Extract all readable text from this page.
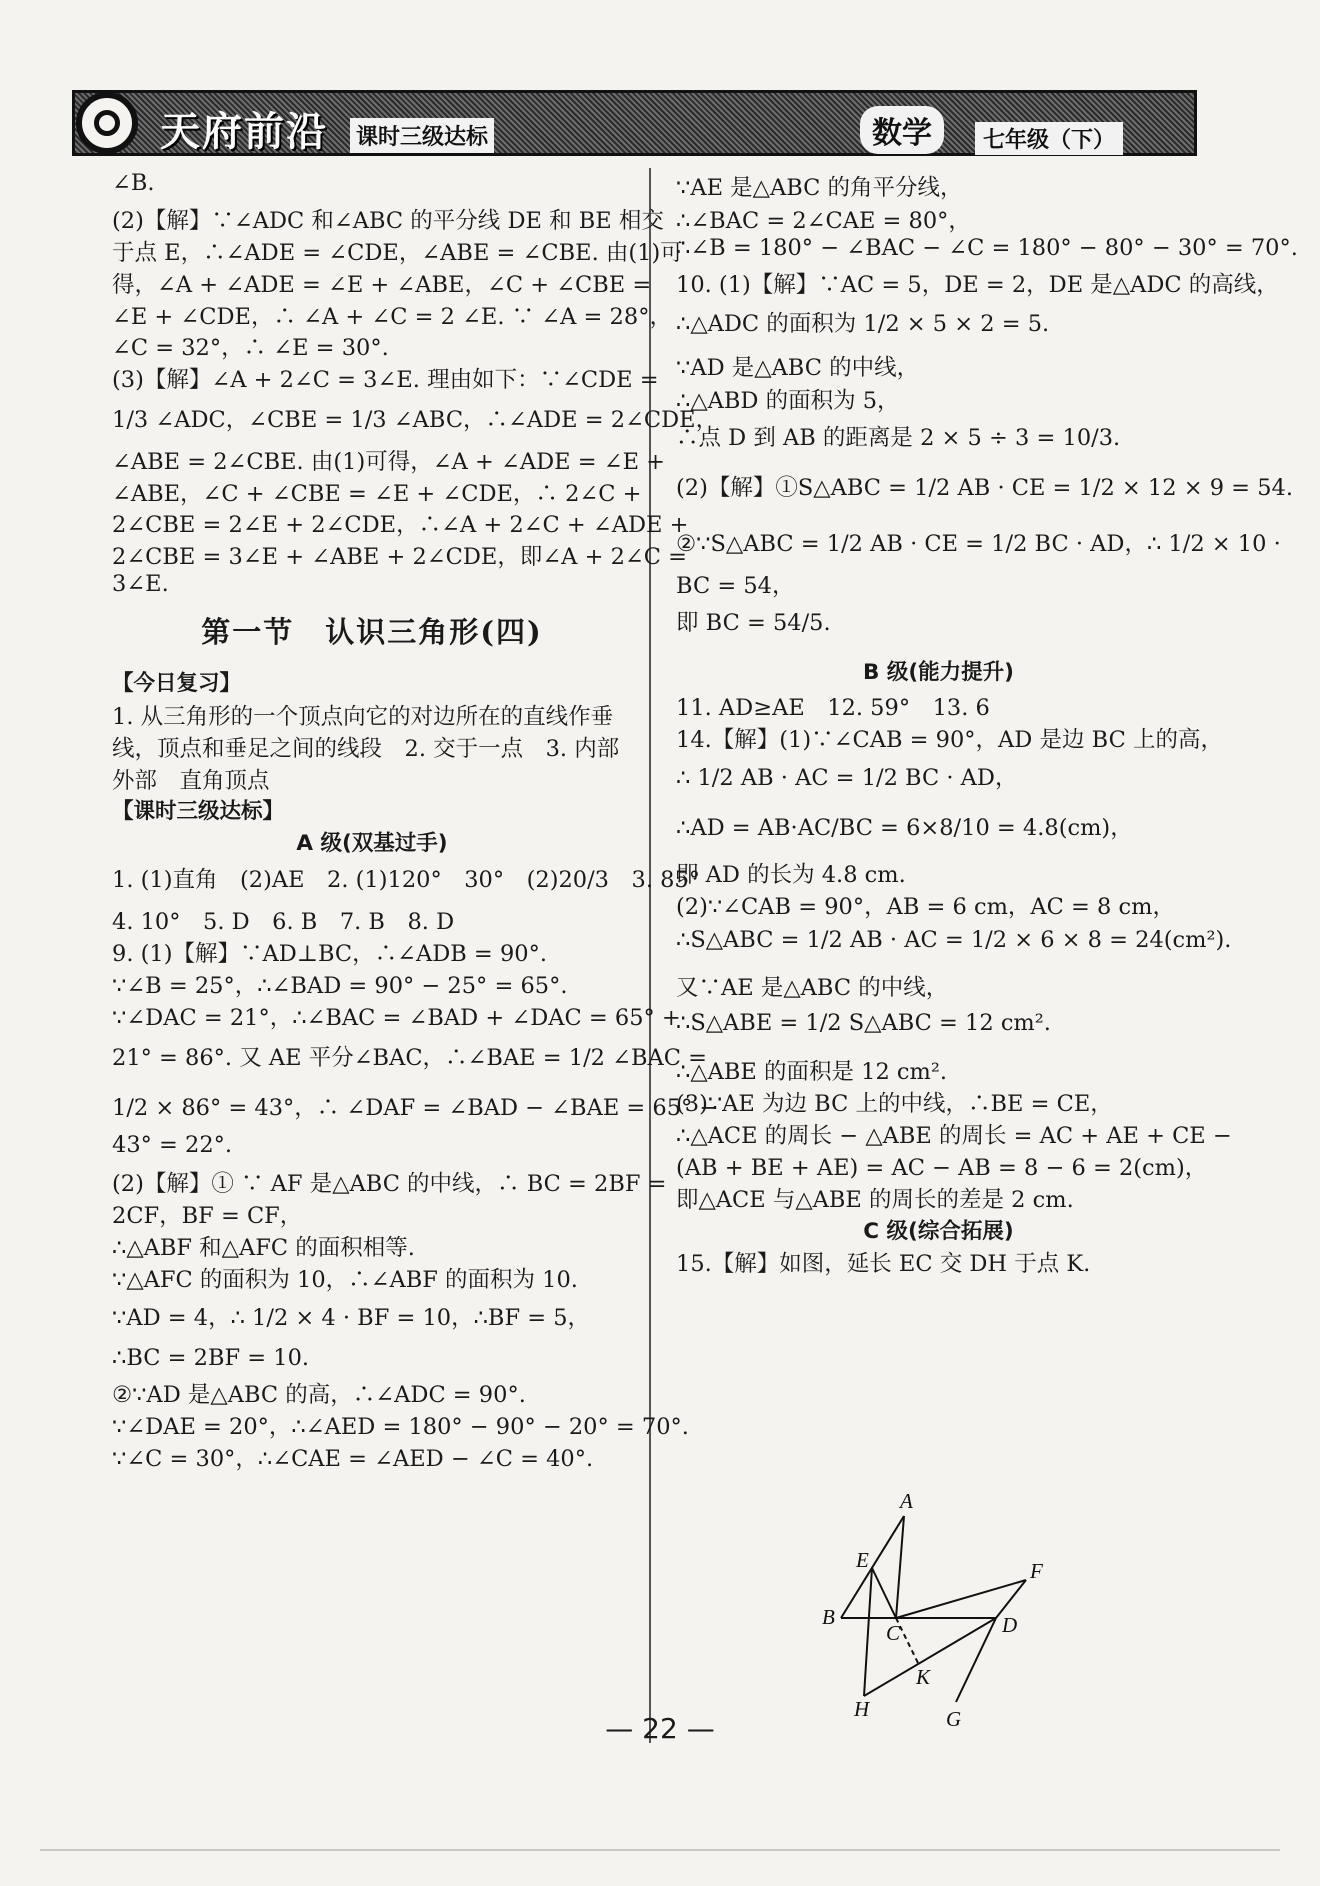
天府前沿 课时三级达标	数学	七年级（下）
∠B.
(2)【解】∵∠ADC 和∠ABC 的平分线 DE 和 BE 相交
于点 E，∴∠ADE = ∠CDE，∠ABE = ∠CBE. 由(1)可
得，∠A + ∠ADE = ∠E + ∠ABE，∠C + ∠CBE =
∠E + ∠CDE，∴ ∠A + ∠C = 2 ∠E. ∵ ∠A = 28°，
∠C = 32°，∴ ∠E = 30°.
(3)【解】∠A + 2∠C = 3∠E. 理由如下：∵∠CDE =
1/3 ∠ADC，∠CBE = 1/3 ∠ABC，∴∠ADE = 2∠CDE，
∠ABE = 2∠CBE. 由(1)可得，∠A + ∠ADE = ∠E +
∠ABE，∠C + ∠CBE = ∠E + ∠CDE，∴ 2∠C +
2∠CBE = 2∠E + 2∠CDE，∴∠A + 2∠C + ∠ADE +
2∠CBE = 3∠E + ∠ABE + 2∠CDE，即∠A + 2∠C =
3∠E.
第一节　认识三角形(四)
【今日复习】
1. 从三角形的一个顶点向它的对边所在的直线作垂
线，顶点和垂足之间的线段　2. 交于一点　3. 内部
外部　直角顶点
【课时三级达标】
A 级(双基过手)
1. (1)直角　(2)AE　2. (1)120°　30°　(2)20/3　3. 85°
4. 10°　5. D　6. B　7. B　8. D
9. (1)【解】∵AD⊥BC，∴∠ADB = 90°.
∵∠B = 25°，∴∠BAD = 90° − 25° = 65°.
∵∠DAC = 21°，∴∠BAC = ∠BAD + ∠DAC = 65° +
21° = 86°. 又 AE 平分∠BAC，∴∠BAE = 1/2 ∠BAC =
1/2 × 86° = 43°，∴ ∠DAF = ∠BAD − ∠BAE = 65° −
43° = 22°.
(2)【解】① ∵ AF 是△ABC 的中线，∴ BC = 2BF =
2CF，BF = CF，
∴△ABF 和△AFC 的面积相等.
∵△AFC 的面积为 10，∴∠ABF 的面积为 10.
∵AD = 4，∴ 1/2 × 4 · BF = 10，∴BF = 5，
∴BC = 2BF = 10.
②∵AD 是△ABC 的高，∴∠ADC = 90°.
∵∠DAE = 20°，∴∠AED = 180° − 90° − 20° = 70°.
∵∠C = 30°，∴∠CAE = ∠AED − ∠C = 40°.
∵AE 是△ABC 的角平分线，
∴∠BAC = 2∠CAE = 80°，
∴∠B = 180° − ∠BAC − ∠C = 180° − 80° − 30° = 70°.
10. (1)【解】∵AC = 5，DE = 2，DE 是△ADC 的高线，
∴△ADC 的面积为 1/2 × 5 × 2 = 5.
∵AD 是△ABC 的中线，
∴△ABD 的面积为 5，
∴点 D 到 AB 的距离是 2 × 5 ÷ 3 = 10/3.
(2)【解】①S△ABC = 1/2 AB · CE = 1/2 × 12 × 9 = 54.
②∵S△ABC = 1/2 AB · CE = 1/2 BC · AD，∴ 1/2 × 10 ·
BC = 54，
即 BC = 54/5.
B 级(能力提升)
11. AD≥AE　12. 59°　13. 6
14.【解】(1)∵∠CAB = 90°，AD 是边 BC 上的高，
∴ 1/2 AB · AC = 1/2 BC · AD，
∴AD = AB·AC/BC = 6×8/10 = 4.8(cm)，
即 AD 的长为 4.8 cm.
(2)∵∠CAB = 90°，AB = 6 cm，AC = 8 cm，
∴S△ABC = 1/2 AB · AC = 1/2 × 6 × 8 = 24(cm²).
又∵AE 是△ABC 的中线，
∴S△ABE = 1/2 S△ABC = 12 cm².
∴△ABE 的面积是 12 cm².
(3)∵AE 为边 BC 上的中线，∴BE = CE，
∴△ACE 的周长 − △ABE 的周长 = AC + AE + CE −
(AB + BE + AE) = AC − AB = 8 − 6 = 2(cm)，
即△ACE 与△ABE 的周长的差是 2 cm.
C 级(综合拓展)
15.【解】如图，延长 EC 交 DH 于点 K.
A
E	F
B
C	D
K
H	G
— 22 —
